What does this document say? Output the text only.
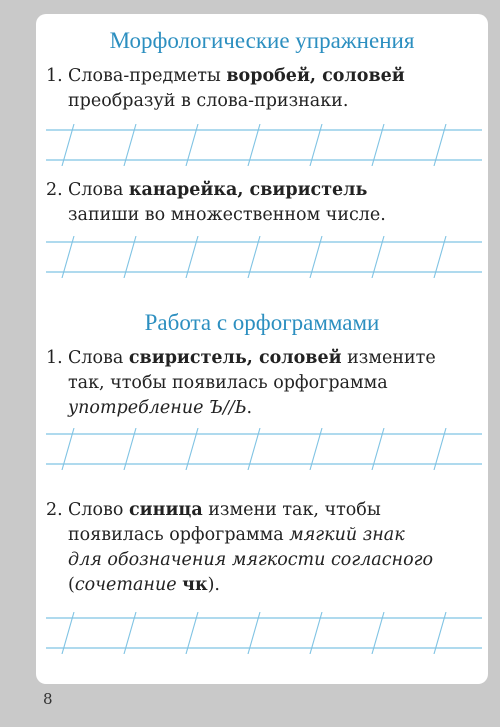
Морфологические упражнения
1. Слова-предметы воробей, соловей
преобразуй в слова-признаки.
2. Слова канарейка, свиристель
запиши во множественном числе.
Работа с орфограммами
1. Слова свиристель, соловей измените
так, чтобы появилась орфограмма
употребление Ъ//Ь.
2. Слово синица измени так, чтобы
появилась орфограмма мягкий знак
для обозначения мягкости согласного
(сочетание чк).
8
